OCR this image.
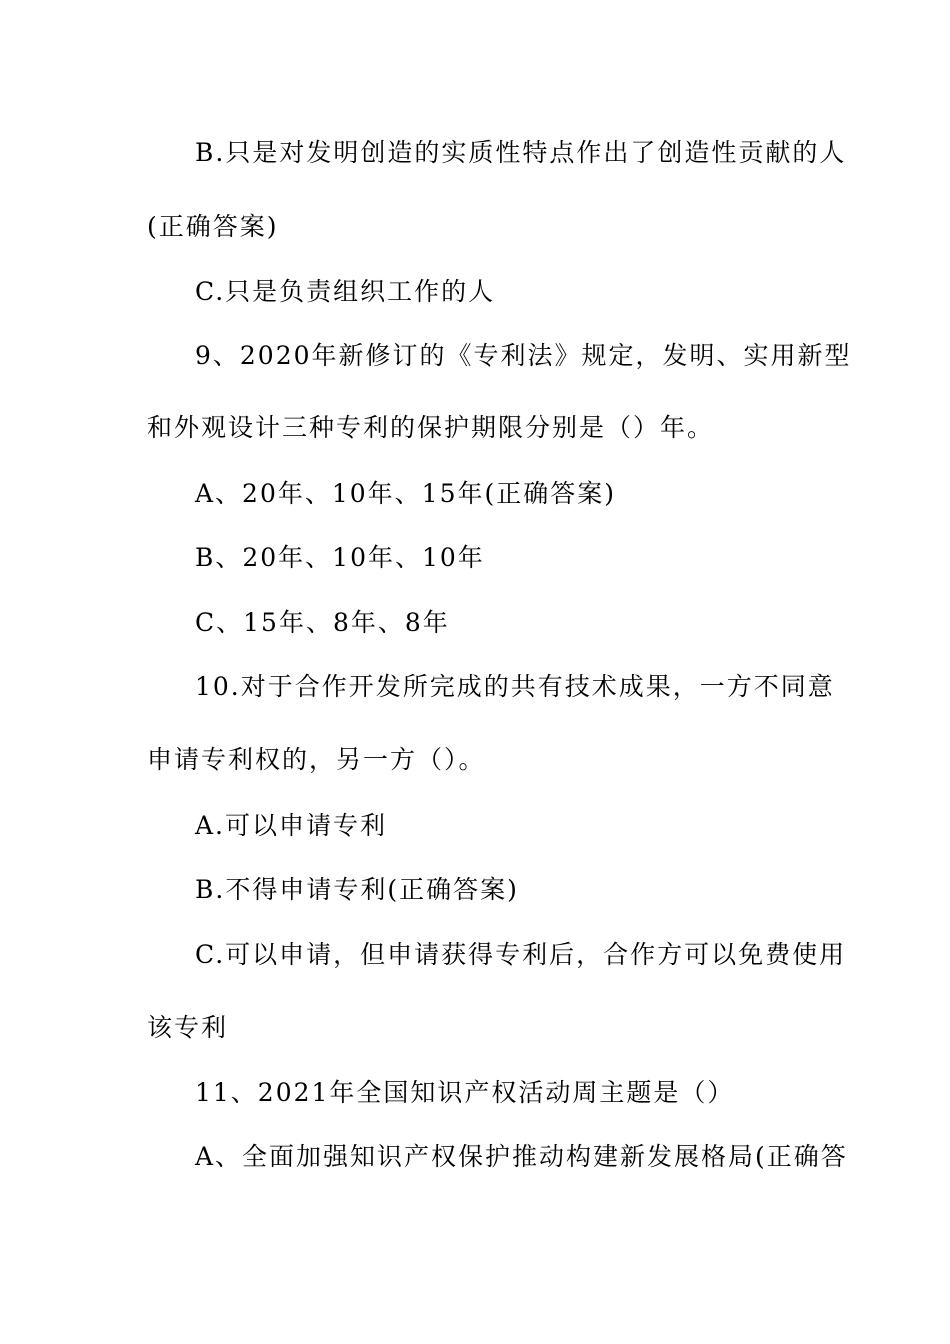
B.只是对发明创造的实质性特点作出了创造性贡献的人
(正确答案)
C.只是负责组织工作的人
9、2020年新修订的《专利法》规定，发明、实用新型
和外观设计三种专利的保护期限分别是（）年。
A、20年、10年、15年(正确答案)
B、20年、10年、10年
C、15年、8年、8年
10.对于合作开发所完成的共有技术成果，一方不同意
申请专利权的，另一方（）。
A.可以申请专利
B.不得申请专利(正确答案)
C.可以申请，但申请获得专利后，合作方可以免费使用
该专利
11、2021年全国知识产权活动周主题是（）
A、全面加强知识产权保护推动构建新发展格局(正确答
